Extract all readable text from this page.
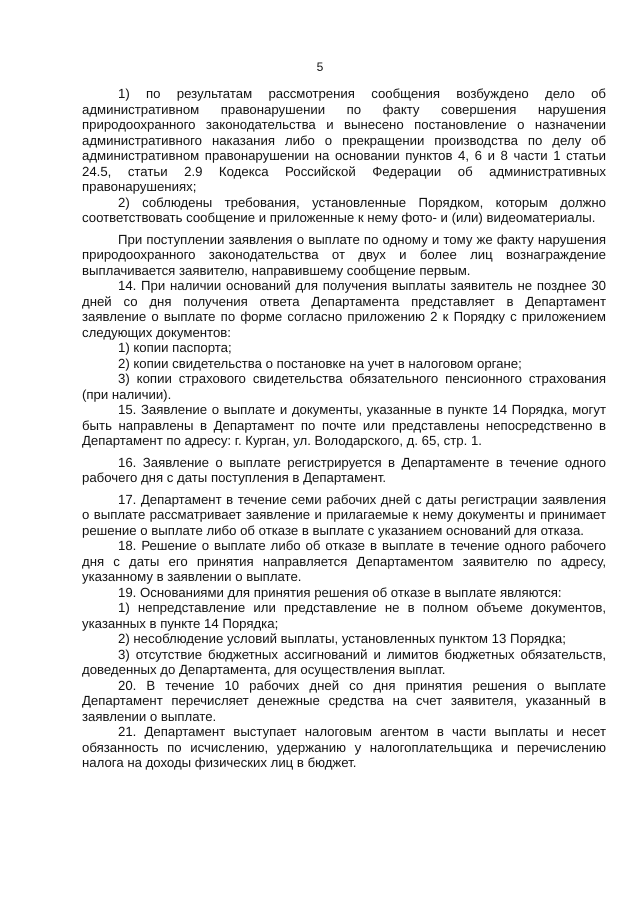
5

1) по результатам рассмотрения сообщения возбуждено дело об административном правонарушении по факту совершения нарушения природоохранного законодательства и вынесено постановление о назначении административного наказания либо о прекращении производства по делу об административном правонарушении на основании пунктов 4, 6 и 8 части 1 статьи 24.5, статьи 2.9 Кодекса Российской Федерации об административных правонарушениях;

2) соблюдены требования, установленные Порядком, которым должно соответствовать сообщение и приложенные к нему фото- и (или) видеоматериалы.

При поступлении заявления о выплате по одному и тому же факту нарушения природоохранного законодательства от двух и более лиц вознаграждение выплачивается заявителю, направившему сообщение первым.

14. При наличии оснований для получения выплаты заявитель не позднее 30 дней со дня получения ответа Департамента представляет в Департамент заявление о выплате по форме согласно приложению 2 к Порядку с приложением следующих документов:

1) копии паспорта;

2) копии свидетельства о постановке на учет в налоговом органе;

3) копии страхового свидетельства обязательного пенсионного страхования (при наличии).

15. Заявление о выплате и документы, указанные в пункте 14 Порядка, могут быть направлены в Департамент по почте или представлены непосредственно в Департамент по адресу: г. Курган, ул. Володарского, д. 65, стр. 1.

16. Заявление о выплате регистрируется в Департаменте в течение одного рабочего дня с даты поступления в Департамент.

17. Департамент в течение семи рабочих дней с даты регистрации заявления о выплате рассматривает заявление и прилагаемые к нему документы и принимает решение о выплате либо об отказе в выплате с указанием оснований для отказа.

18. Решение о выплате либо об отказе в выплате в течение одного рабочего дня с даты его принятия направляется Департаментом заявителю по адресу, указанному в заявлении о выплате.

19. Основаниями для принятия решения об отказе в выплате являются:

1) непредставление или представление не в полном объеме документов, указанных в пункте 14 Порядка;

2) несоблюдение условий выплаты, установленных пунктом 13 Порядка;

3) отсутствие бюджетных ассигнований и лимитов бюджетных обязательств, доведенных до Департамента, для осуществления выплат.

20. В течение 10 рабочих дней со дня принятия решения о выплате Департамент перечисляет денежные средства на счет заявителя, указанный в заявлении о выплате.

21. Департамент выступает налоговым агентом в части выплаты и несет обязанность по исчислению, удержанию у налогоплательщика и перечислению налога на доходы физических лиц в бюджет.
